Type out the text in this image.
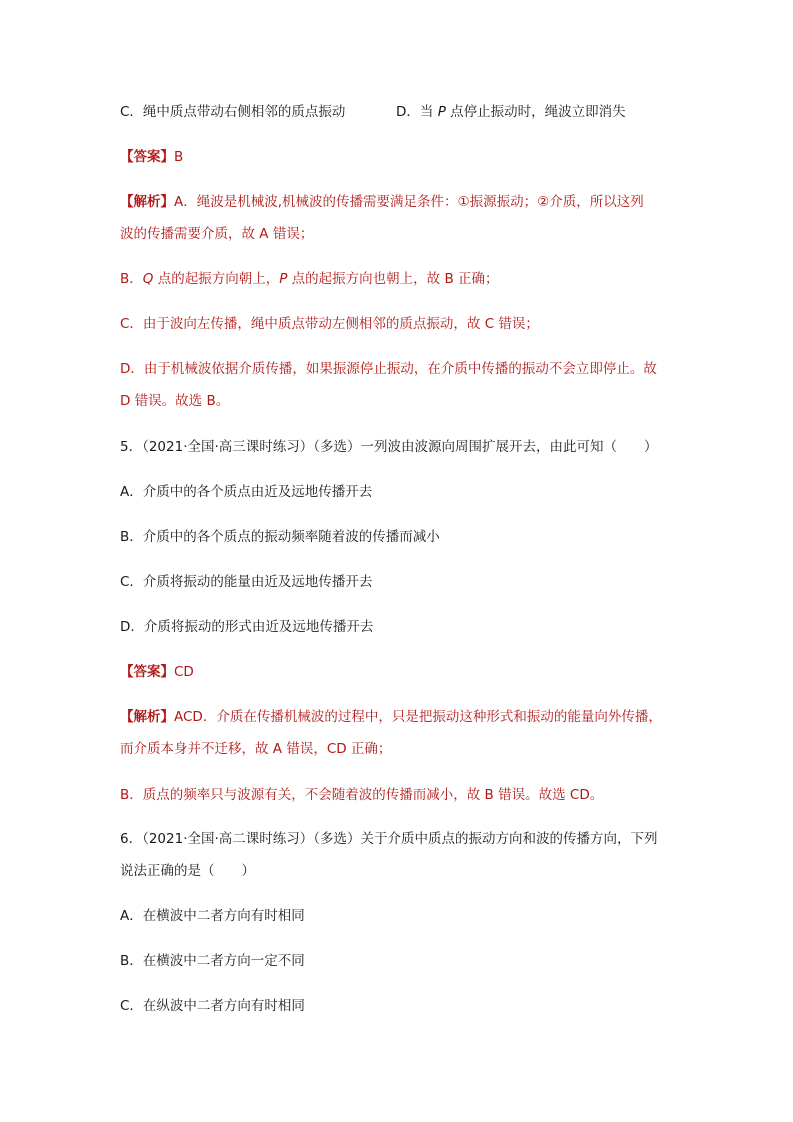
C．绳中质点带动右侧相邻的质点振动	D．当 P 点停止振动时，绳波立即消失
【答案】B
【解析】A．绳波是机械波,机械波的传播需要满足条件：①振源振动；②介质，所以这列
波的传播需要介质，故 A 错误；
B．Q 点的起振方向朝上，P 点的起振方向也朝上，故 B 正确；
C．由于波向左传播，绳中质点带动左侧相邻的质点振动，故 C 错误；
D．由于机械波依据介质传播，如果振源停止振动，在介质中传播的振动不会立即停止。故
D 错误。故选 B。
5．（2021·全国·高三课时练习）（多选）一列波由波源向周围扩展开去，由此可知（　　）
A．介质中的各个质点由近及远地传播开去
B．介质中的各个质点的振动频率随着波的传播而减小
C．介质将振动的能量由近及远地传播开去
D．介质将振动的形式由近及远地传播开去
【答案】CD
【解析】ACD．介质在传播机械波的过程中，只是把振动这种形式和振动的能量向外传播，
而介质本身并不迁移，故 A 错误，CD 正确；
B．质点的频率只与波源有关，不会随着波的传播而减小，故 B 错误。故选 CD。
6．（2021·全国·高二课时练习）（多选）关于介质中质点的振动方向和波的传播方向，下列
说法正确的是（　　）
A．在横波中二者方向有时相同
B．在横波中二者方向一定不同
C．在纵波中二者方向有时相同
